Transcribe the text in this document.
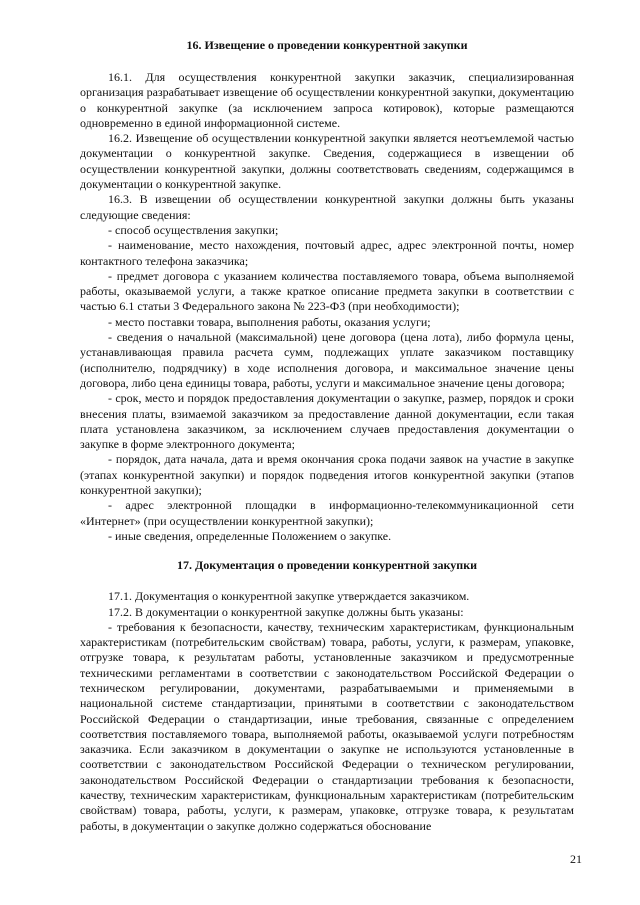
16. Извещение о проведении конкурентной закупки

16.1. Для осуществления конкурентной закупки заказчик, специализированная организация разрабатывает извещение об осуществлении конкурентной закупки, документацию о конкурентной закупке (за исключением запроса котировок), которые размещаются одновременно в единой информационной системе.

16.2. Извещение об осуществлении конкурентной закупки является неотъемлемой частью документации о конкурентной закупке. Сведения, содержащиеся в извещении об осуществлении конкурентной закупки, должны соответствовать сведениям, содержащимся в документации о конкурентной закупке.

16.3. В извещении об осуществлении конкурентной закупки должны быть указаны следующие сведения:

- способ осуществления закупки;

- наименование, место нахождения, почтовый адрес, адрес электронной почты, номер контактного телефона заказчика;

- предмет договора с указанием количества поставляемого товара, объема выполняемой работы, оказываемой услуги, а также краткое описание предмета закупки в соответствии с частью 6.1 статьи 3 Федерального закона № 223-ФЗ (при необходимости);

- место поставки товара, выполнения работы, оказания услуги;

- сведения о начальной (максимальной) цене договора (цена лота), либо формула цены, устанавливающая правила расчета сумм, подлежащих уплате заказчиком поставщику (исполнителю, подрядчику) в ходе исполнения договора, и максимальное значение цены договора, либо цена единицы товара, работы, услуги и максимальное значение цены договора;

- срок, место и порядок предоставления документации о закупке, размер, порядок и сроки внесения платы, взимаемой заказчиком за предоставление данной документации, если такая плата установлена заказчиком, за исключением случаев предоставления документации о закупке в форме электронного документа;

- порядок, дата начала, дата и время окончания срока подачи заявок на участие в закупке (этапах конкурентной закупки) и порядок подведения итогов конкурентной закупки (этапов конкурентной закупки);

- адрес электронной площадки в информационно-телекоммуникационной сети «Интернет» (при осуществлении конкурентной закупки);

- иные сведения, определенные Положением о закупке.

17. Документация о проведении конкурентной закупки

17.1. Документация о конкурентной закупке утверждается заказчиком.

17.2. В документации о конкурентной закупке должны быть указаны:

- требования к безопасности, качеству, техническим характеристикам, функциональным характеристикам (потребительским свойствам) товара, работы, услуги, к размерам, упаковке, отгрузке товара, к результатам работы, установленные заказчиком и предусмотренные техническими регламентами в соответствии с законодательством Российской Федерации о техническом регулировании, документами, разрабатываемыми и применяемыми в национальной системе стандартизации, принятыми в соответствии с законодательством Российской Федерации о стандартизации, иные требования, связанные с определением соответствия поставляемого товара, выполняемой работы, оказываемой услуги потребностям заказчика. Если заказчиком в документации о закупке не используются установленные в соответствии с законодательством Российской Федерации о техническом регулировании, законодательством Российской Федерации о стандартизации требования к безопасности, качеству, техническим характеристикам, функциональным характеристикам (потребительским свойствам) товара, работы, услуги, к размерам, упаковке, отгрузке товара, к результатам работы, в документации о закупке должно содержаться обоснование

21
